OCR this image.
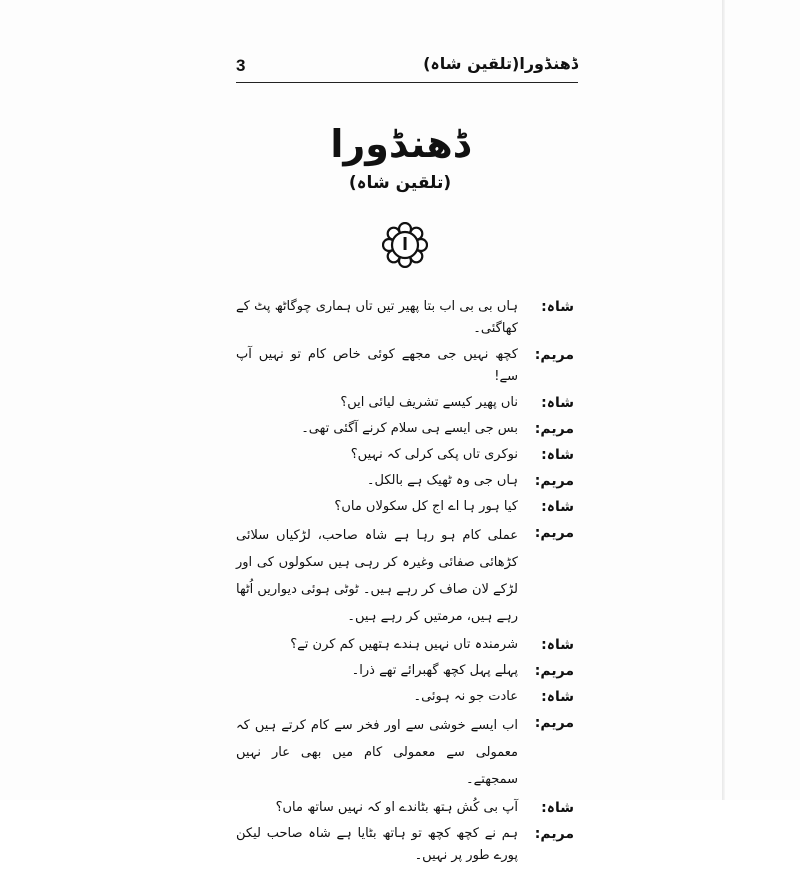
3	ڈھنڈورا(تلقین شاہ)
ڈھنڈورا
(تلقین شاہ)
ا
شاہ:
ہاں بی بی اب بتا پھیر تیں تاں ہماری چوگاٹھ پٹ کے کھاگئی۔
مریم:
کچھ نہیں جی مجھے کوئی خاص کام تو نہیں آپ سے!
شاہ:
ناں پھیر کیسے تشریف لیائی ایں؟
مریم:
بس جی ایسے ہی سلام کرنے آگئی تھی۔
شاہ:
نوکری تاں پکی کرلی کہ نہیں؟
مریم:
ہاں جی وہ ٹھیک ہے بالکل۔
شاہ:
کیا ہور ہا اے اج کل سکولاں ماں؟
مریم:
عملی کام ہو رہا ہے شاہ صاحب، لڑکیاں سلائی کڑھائی صفائی وغیرہ کر رہی ہیں سکولوں کی اور لڑکے لان صاف کر رہے ہیں۔ ٹوٹی ہوئی دیواریں اُٹھا رہے ہیں، مرمتیں کر رہے ہیں۔
شاہ:
شرمندہ تاں نہیں ہندے ہتھیں کم کرن تے؟
مریم:
پہلے پہل کچھ گھبرائے تھے ذرا۔
شاہ:
عادت جو نہ ہوئی۔
مریم:
اب ایسے خوشی سے اور فخر سے کام کرتے ہیں کہ معمولی سے معمولی کام میں بھی عار نہیں سمجھتے۔
شاہ:
آپ بی کُش ہتھ بٹاندے او کہ نہیں ساتھ ماں؟
مریم:
ہم نے کچھ کچھ تو ہاتھ بٹایا ہے شاہ صاحب لیکن پورے طور پر نہیں۔
